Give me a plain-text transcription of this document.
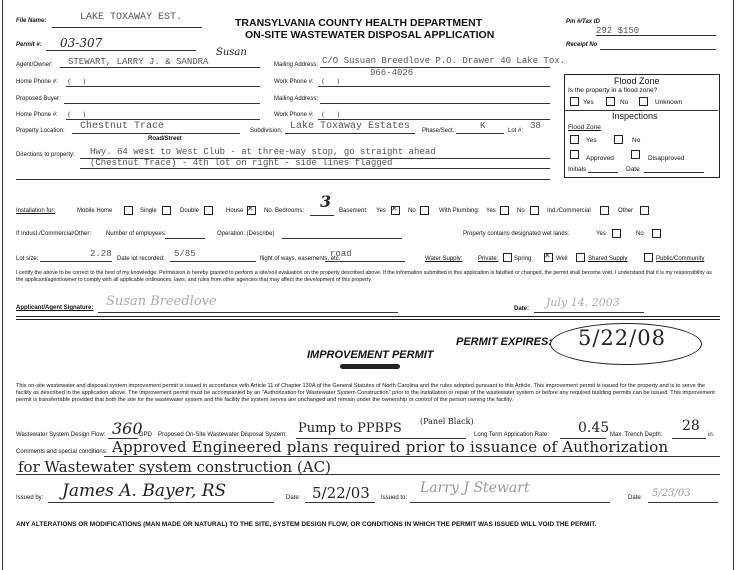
File Name:	LAKE TOXAWAY EST.	TRANSYLVANIA COUNTY HEALTH DEPARTMENT
ON-SITE WASTEWATER DISPOSAL APPLICATION
Pin #/Tax ID
292 $150
Receipt No
Permit #: 03-307
Susan
Agent/Owner: STEWART, LARRY J. & SANDRA	Mailing Address: C/O Susuan Breedlove P.O. Drawer 40 Lake Tox.
966-4026
Home Phone #: (        )	Work Phone #: (        )
Proposed Buyer:	Mailing Address:
Home Phone #: (        )	Work Phone #: (        )
Property Location: Chestnut Trace
Road/Street
Subdivision: Lake Toxaway Estates Phase/Sect.:	K	Lot #: 38
Directions to property: Hwy. 64 west to West Club - at three-way stop, go straight ahead
(Chestnut Trace) - 4th lot on right - side lines flagged
Flood Zone
Is the property in a flood zone?
Yes	No	Unknown
Inspections
Flood Zone
Yes	No
Approved	Disapproved
Initials	Date
Installation for:	Mobile Home	Single	Double	House ✕	No. Bedrooms: 3 Basement: Yes ✕	No	With Plumbing: Yes	No	Ind./Commercial	Other
If Indust./Commercial/Other: Number of employees:	Operation: (Describe)	Property contains designated wet lands:	Yes	No
Lot size:	2.28 Date lot recorded: 5/85	flight of ways, easements, etc.
road	Water Supply:	Private:	Spring ✕	Well	Shared Supply	Public/Community
I certify the above to be correct to the best of my knowledge. Permission is hereby granted to perform a site/soil evaluation on the property described above. If the information submitted in this application is falsified or changed, the permit shall become void. I understand that it is my responsibility as the applicant/agent/owner to comply with all applicable ordinances, laws, and rules from other agencies that may affect the development of this property.
Applicant/Agent Signature: Susan Breedlove	Date: July 14, 2003
PERMIT EXPIRES: 5/22/08
IMPROVEMENT PERMIT
This on-site wastewater and disposal system improvement permit is issued in accordance with Article 11 of Chapter 130A of the General Statutes of North Carolina and the rules adopted pursuant to this Article. This improvement permit is issued for the property and is to serve the facility as described in the application above. The improvement permit must be accompanied by an "Authorization for Wastewater System Construction" prior to the installation or repair of the wastewater system or before any required building permits can be issued. This improvement permit is transferrable provided that both the site for the wastewater system and the facility the system serves are unchanged and remain under the ownership or control of the person owning the facility.
Wastewater System Design Flow: 360
GPD Proposed On-Site Wastewater Disposal System: Pump to PPBPS (Panel Black)
Long Term Application Rate: 0.45 Max. Trench Depth:
28
in.
Comments and special conditions: Approved Engineered plans required prior to issuance of Authorization
for Wastewater system construction (AC)
Issued by: James A. Bayer, RS	Date: 5/22/03 Issued to:
Larry J Stewart
Date: 5/23/03
ANY ALTERATIONS OR MODIFICATIONS (MAN MADE OR NATURAL) TO THE SITE, SYSTEM DESIGN FLOW, OR CONDITIONS IN WHICH THE PERMIT WAS ISSUED WILL VOID THE PERMIT.
